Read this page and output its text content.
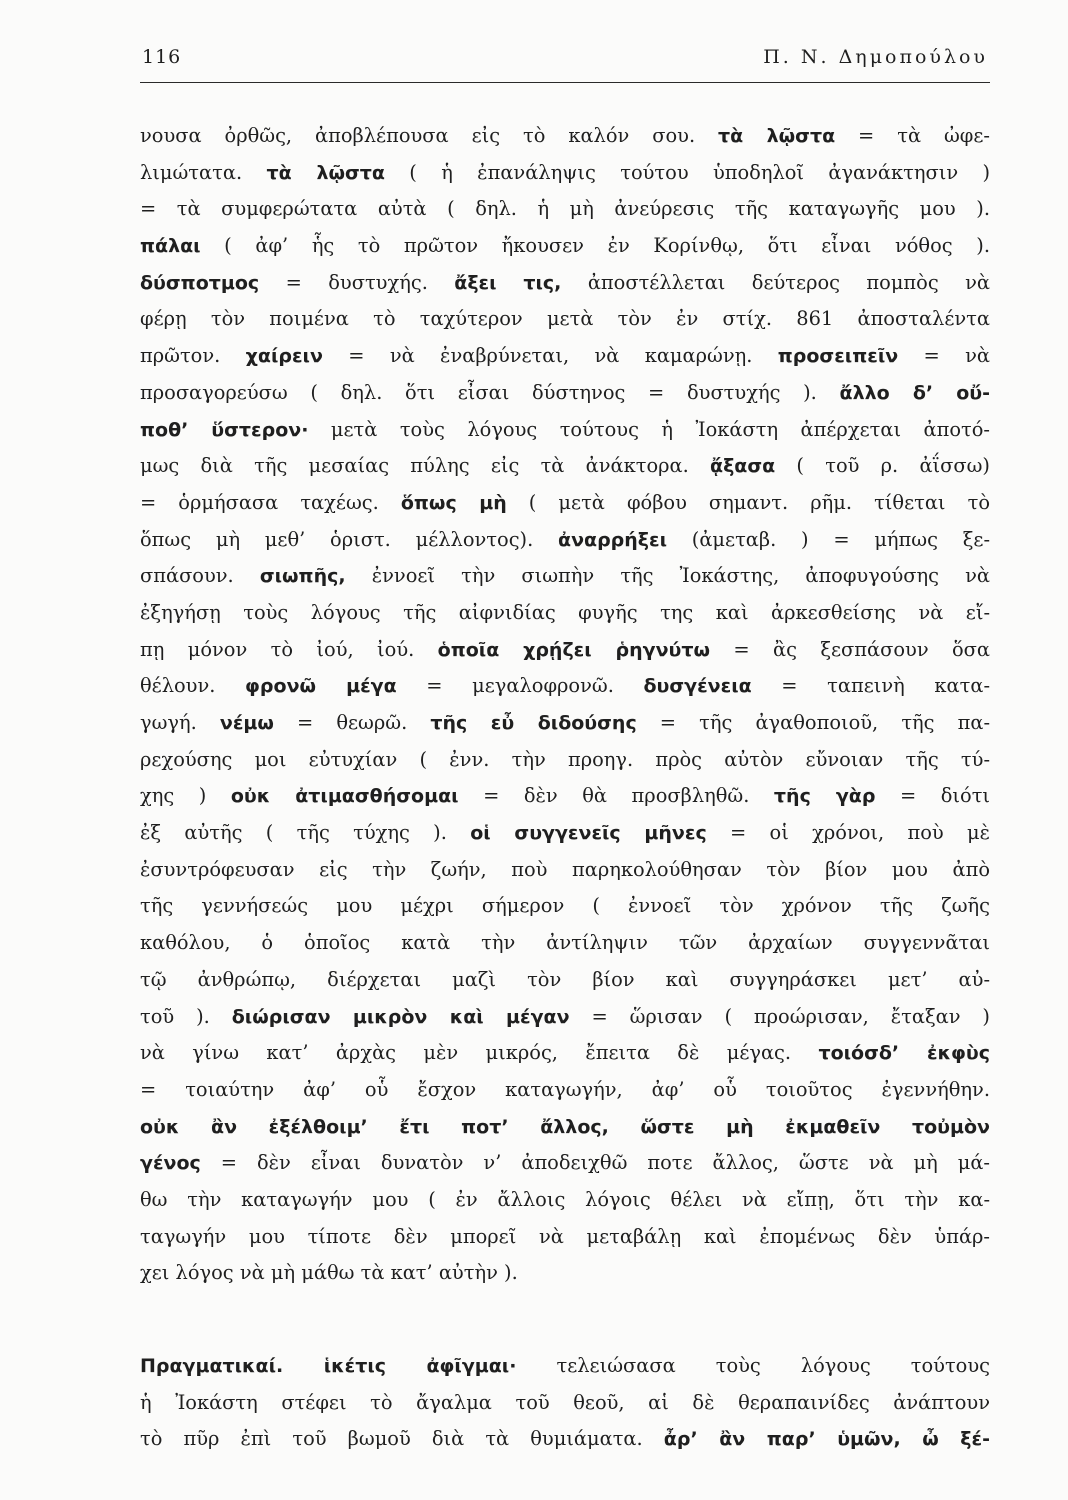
116	Π. Ν. Δημοπούλου
νουσα ὀρθῶς, ἀποβλέπουσα εἰς τὸ καλόν σου. τὰ λῷστα = τὰ ὠφε-
λιμώτατα. τὰ λῷστα ( ἡ ἐπανάληψις τούτου ὑποδηλοῖ ἀγανάκτησιν )
= τὰ συμφερώτατα αὐτὰ ( δηλ. ἡ μὴ ἀνεύρεσις τῆς καταγωγῆς μου ).
πάλαι ( ἀφ’ ἧς τὸ πρῶτον ἤκουσεν ἐν Κορίνθῳ, ὅτι εἶναι νόθος ).
δύσποτμος = δυστυχής. ἄξει τις, ἀποστέλλεται δεύτερος πομπὸς νὰ
φέρῃ τὸν ποιμένα τὸ ταχύτερον μετὰ τὸν ἐν στίχ. 861 ἀποσταλέντα
πρῶτον. χαίρειν = νὰ ἐναβρύνεται, νὰ καμαρώνῃ. προσειπεῖν = νὰ
προσαγορεύσω ( δηλ. ὅτι εἶσαι δύστηνος = δυστυχής ). ἄλλο δ’ οὔ-
ποθ’ ὕστερον· μετὰ τοὺς λόγους τούτους ἡ Ἰοκάστη ἀπέρχεται ἀποτό-
μως διὰ τῆς μεσαίας πύλης εἰς τὰ ἀνάκτορα. ᾄξασα ( τοῦ ρ. ἀΐσσω)
= ὁρμήσασα ταχέως. ὅπως μὴ ( μετὰ φόβου σημαντ. ρῆμ. τίθεται τὸ
ὅπως μὴ μεθ’ ὁριστ. μέλλοντος). ἀναρρήξει (ἀμεταβ. ) = μήπως ξε-
σπάσουν. σιωπῆς, ἐννοεῖ τὴν σιωπὴν τῆς Ἰοκάστης, ἀποφυγούσης νὰ
ἐξηγήσῃ τοὺς λόγους τῆς αἰφνιδίας φυγῆς της καὶ ἀρκεσθείσης νὰ εἴ-
πῃ μόνον τὸ ἰού, ἰού. ὁποῖα χρῄζει ῥηγνύτω = ἂς ξεσπάσουν ὅσα
θέλουν. φρονῶ μέγα = μεγαλοφρονῶ. δυσγένεια = ταπεινὴ κατα-
γωγή. νέμω = θεωρῶ. τῆς εὖ διδούσης = τῆς ἀγαθοποιοῦ, τῆς πα-
ρεχούσης μοι εὐτυχίαν ( ἐνν. τὴν προηγ. πρὸς αὐτὸν εὔνοιαν τῆς τύ-
χης ) οὐκ ἀτιμασθήσομαι = δὲν θὰ προσβληθῶ. τῆς γὰρ = διότι
ἐξ αὐτῆς ( τῆς τύχης ). οἱ συγγενεῖς μῆνες = οἱ χρόνοι, ποὺ μὲ
ἐσυντρόφευσαν εἰς τὴν ζωήν, ποὺ παρηκολούθησαν τὸν βίον μου ἀπὸ
τῆς γεννήσεώς μου μέχρι σήμερον ( ἐννοεῖ τὸν χρόνον τῆς ζωῆς
καθόλου, ὁ ὁποῖος κατὰ τὴν ἀντίληψιν τῶν ἀρχαίων συγγεννᾶται
τῷ ἀνθρώπῳ, διέρχεται μαζὶ τὸν βίον καὶ συγγηράσκει μετ’ αὐ-
τοῦ ). διώρισαν μικρὸν καὶ μέγαν = ὥρισαν ( προώρισαν, ἔταξαν )
νὰ γίνω κατ’ ἀρχὰς μὲν μικρός, ἔπειτα δὲ μέγας. τοιόσδ’ ἐκφὺς
= τοιαύτην ἀφ’ οὗ ἔσχον καταγωγήν, ἀφ’ οὗ τοιοῦτος ἐγεννήθην.
οὐκ ἂν ἐξέλθοιμ’ ἔτι ποτ’ ἄλλος, ὥστε μὴ ἐκμαθεῖν τοὐμὸν
γένος = δὲν εἶναι δυνατὸν ν’ ἀποδειχθῶ ποτε ἄλλος, ὥστε νὰ μὴ μά-
θω τὴν καταγωγήν μου ( ἐν ἄλλοις λόγοις θέλει νὰ εἴπῃ, ὅτι τὴν κα-
ταγωγήν μου τίποτε δὲν μπορεῖ νὰ μεταβάλῃ καὶ ἐπομένως δὲν ὑπάρ-
χει λόγος νὰ μὴ μάθω τὰ κατ’ αὐτὴν ).
Πραγματικαί. ἱκέτις ἀφῖγμαι· τελειώσασα τοὺς λόγους τούτους
ἡ Ἰοκάστη στέφει τὸ ἄγαλμα τοῦ θεοῦ, αἱ δὲ θεραπαινίδες ἀνάπτουν
τὸ πῦρ ἐπὶ τοῦ βωμοῦ διὰ τὰ θυμιάματα. ἆρ’ ἂν παρ’ ὑμῶν, ὦ ξέ-
